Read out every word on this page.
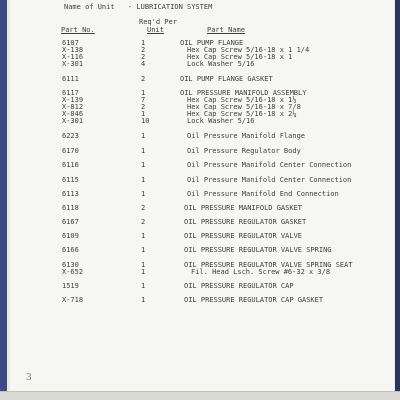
Name of Unit - LUBRICATION SYSTEM
Part No.
Req'd Per
Unit	Part Name
6107	1	OIL PUMP FLANGE
X-138	2	Hex Cap Screw 5/16-18 x 1 1/4
X-116	2	Hex Cap Screw 5/16-18 x 1
X-301	4	Lock Washer 5/16
6111	2	OIL PUMP FLANGE GASKET
6117	1	OIL PRESSURE MANIFOLD ASSEMBLY
X-139	7	Hex Cap Screw 5/16-18 x 1½
X-812	2	Hex Cap Screw 5/16-18 x 7/8
X-846	1	Hex Cap Screw 5/16-18 x 2¼
X-301	10	Lock Washer 5/16
6223	1	Oil Pressure Manifold Flange
6170	1	Oil Pressure Regulator Body
6116	1	Oil Pressure Manifold Center Connection
6115	1	Oil Pressure Manifold Center Connection
6113	1	Oil Pressure Manifold End Connection
6118	2	OIL PRESSURE MANIFOLD GASKET
6167	2	OIL PRESSURE REGULATOR GASKET
6109	1	OIL PRESSURE REGULATOR VALVE
6166	1	OIL PRESSURE REGULATOR VALVE SPRING
6130	1	OIL PRESSURE REGULATOR VALVE SPRING SEAT
X-652	1	Fil. Head Lsch. Screw #6-32 x 3/8
1519	1	OIL PRESSURE REGULATOR CAP
X-718	1	OIL PRESSURE REGULATOR CAP GASKET
3
